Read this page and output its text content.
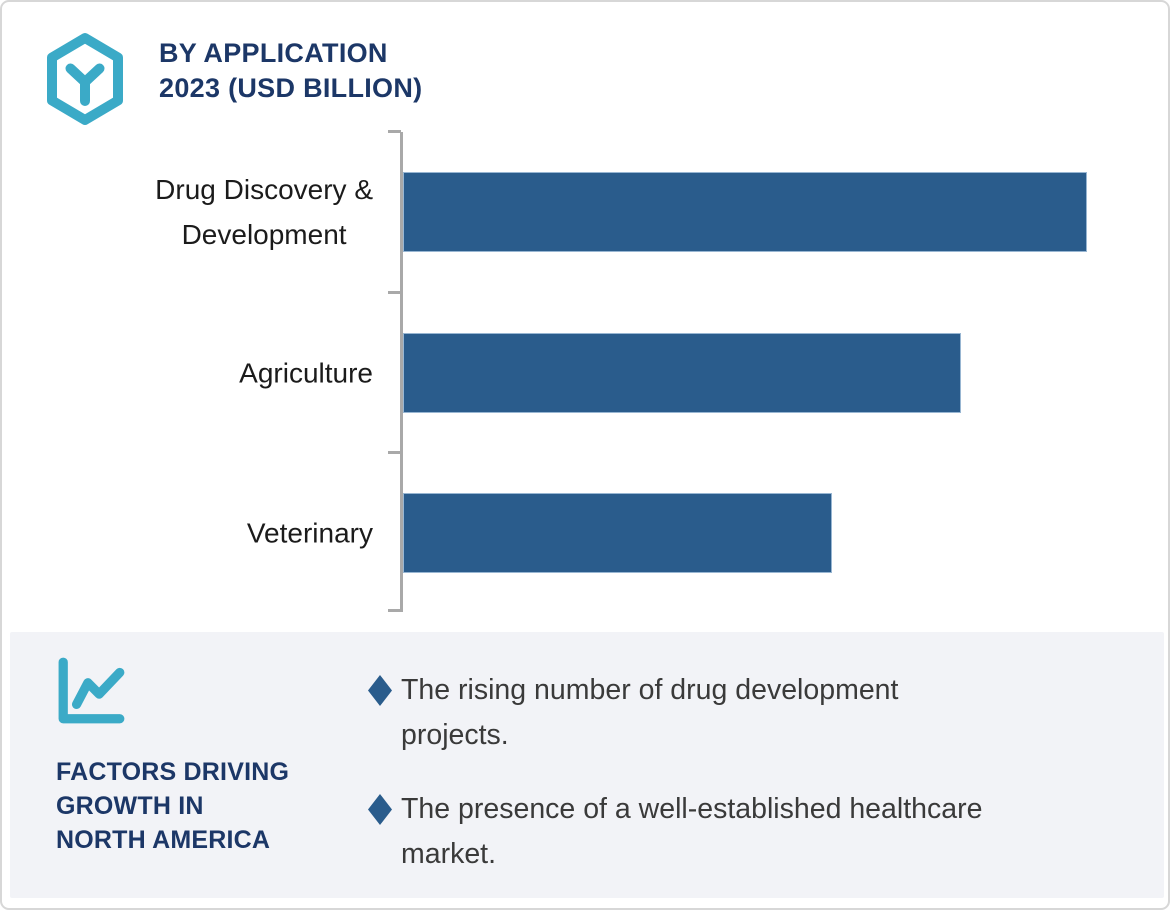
BY APPLICATION
2023 (USD BILLION)
Drug Discovery &
Development
Agriculture
Veterinary
FACTORS DRIVING
GROWTH IN
NORTH AMERICA
The rising number of drug development
projects.
The presence of a well-established healthcare
market.
